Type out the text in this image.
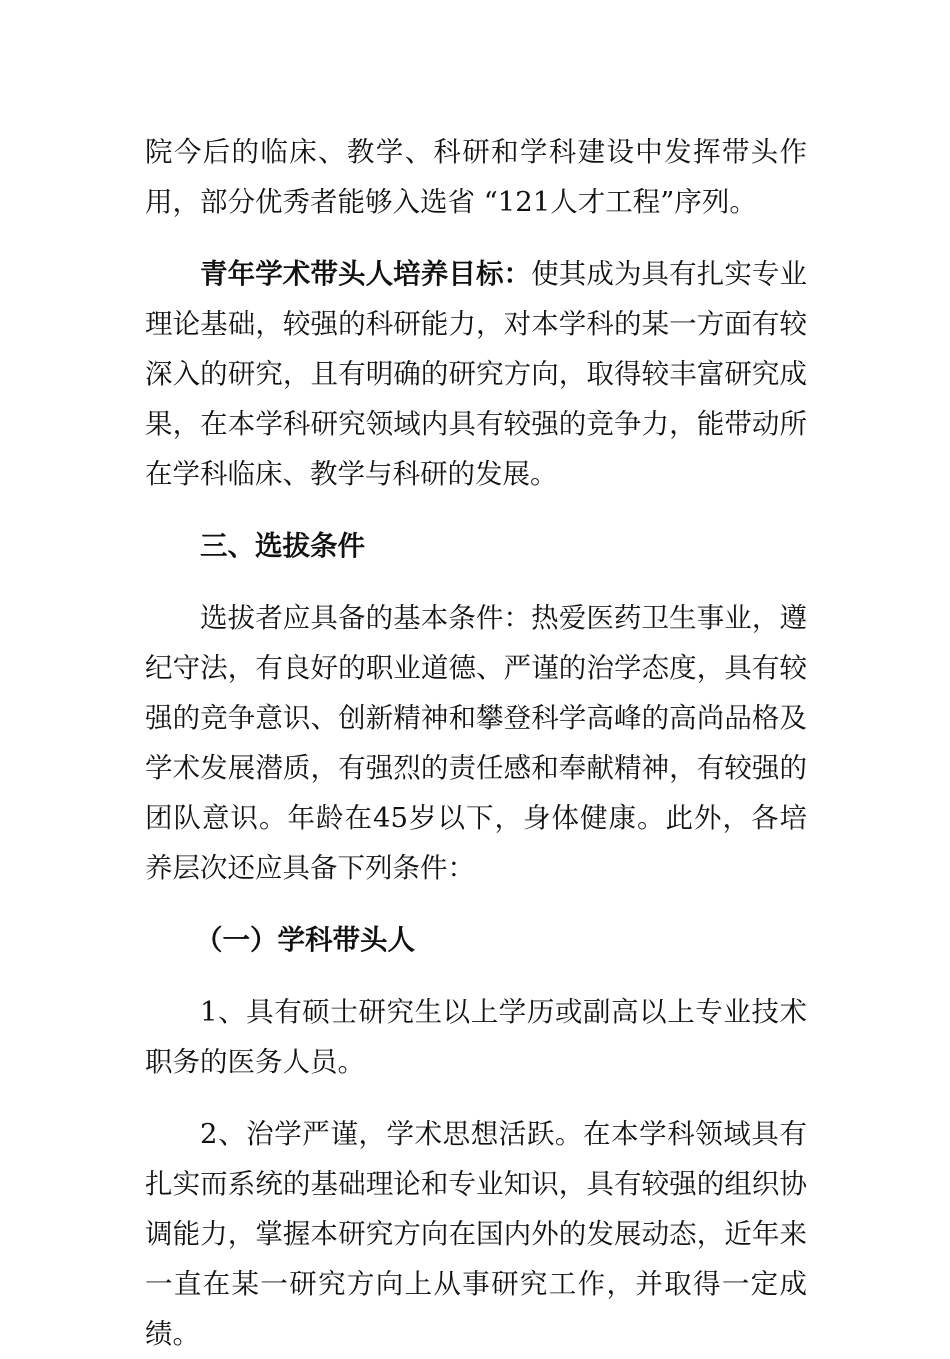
院今后的临床、教学、科研和学科建设中发挥带头作用，部分优秀者能够入选省 “121人才工程”序列。

青年学术带头人培养目标：使其成为具有扎实专业理论基础，较强的科研能力，对本学科的某一方面有较深入的研究，且有明确的研究方向，取得较丰富研究成果，在本学科研究领域内具有较强的竞争力，能带动所在学科临床、教学与科研的发展。

三、选拔条件

选拔者应具备的基本条件：热爱医药卫生事业，遵纪守法，有良好的职业道德、严谨的治学态度，具有较强的竞争意识、创新精神和攀登科学高峰的高尚品格及学术发展潜质，有强烈的责任感和奉献精神，有较强的团队意识。年龄在45岁以下，身体健康。此外，各培养层次还应具备下列条件：

（一）学科带头人

1、具有硕士研究生以上学历或副高以上专业技术职务的医务人员。

2、治学严谨，学术思想活跃。在本学科领域具有扎实而系统的基础理论和专业知识，具有较强的组织协调能力，掌握本研究方向在国内外的发展动态，近年来一直在某一研究方向上从事研究工作，并取得一定成绩。
